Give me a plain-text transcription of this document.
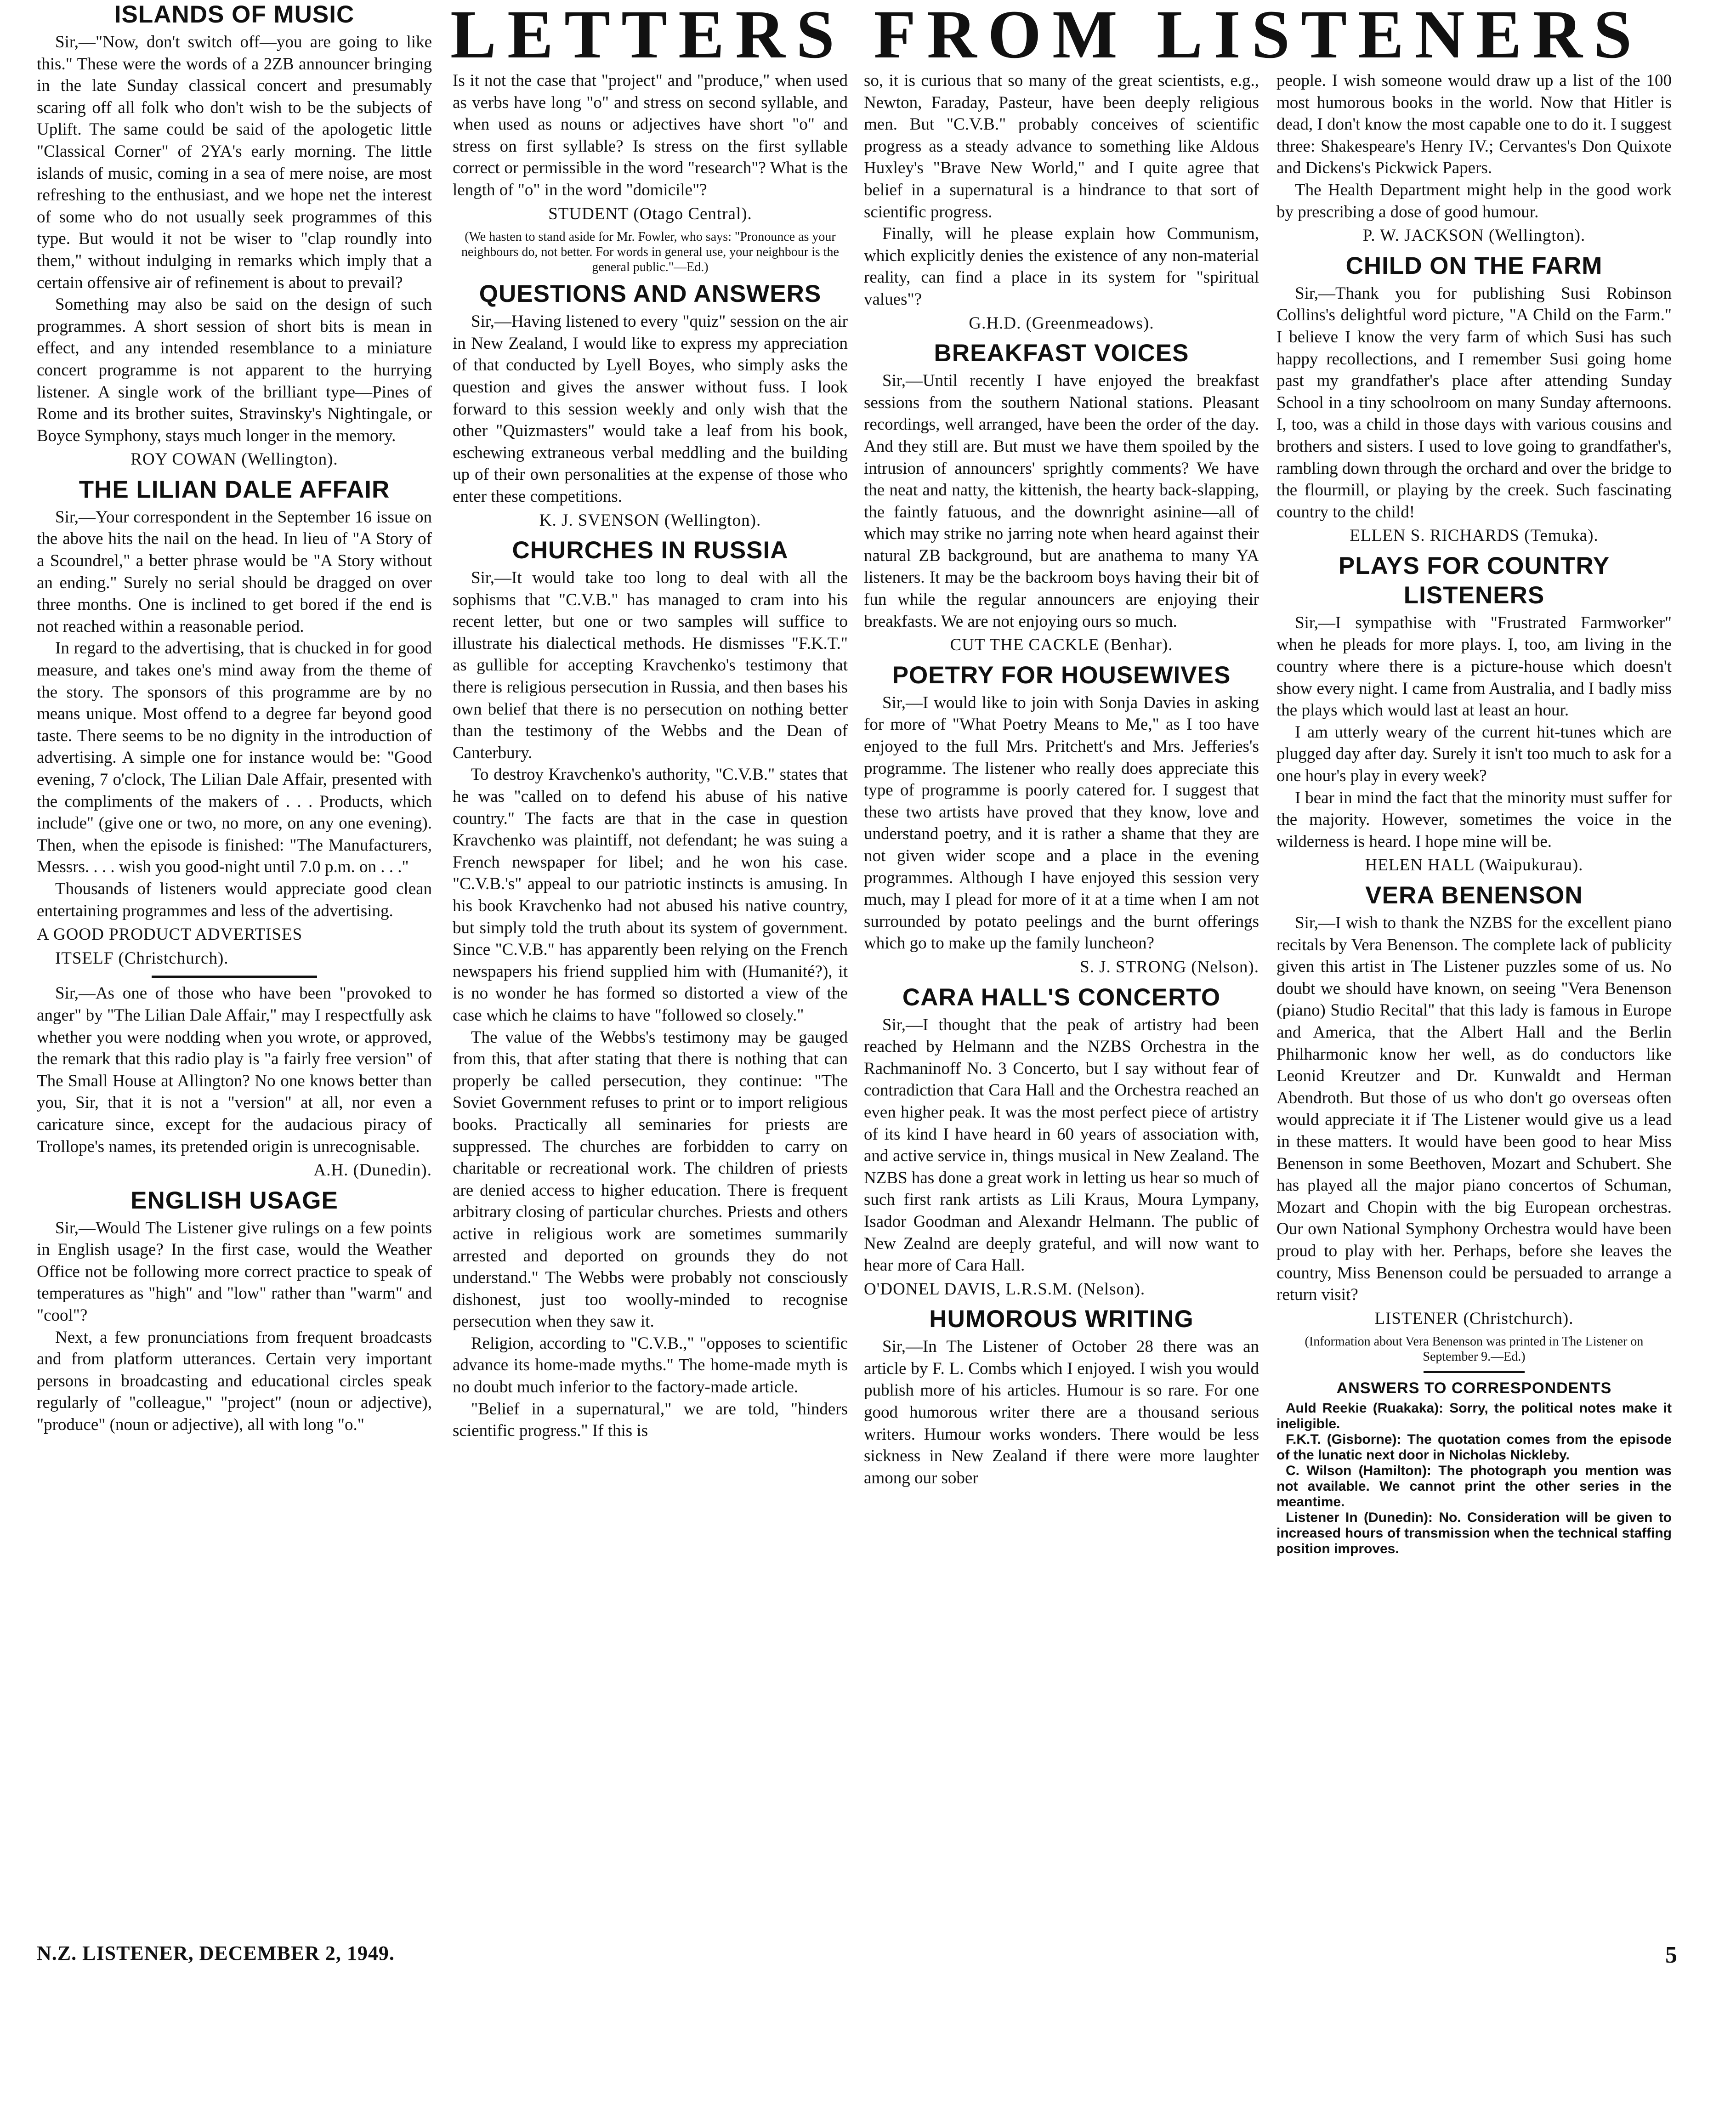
LETTERS FROM LISTENERS
ISLANDS OF MUSIC

Sir,—"Now, don't switch off—you are going to like this." These were the words of a 2ZB announcer bringing in the late Sunday classical concert and presumably scaring off all folk who don't wish to be the subjects of Uplift. The same could be said of the apologetic little "Classical Corner" of 2YA's early morning. The little islands of music, coming in a sea of mere noise, are most refreshing to the enthusiast, and we hope net the interest of some who do not usually seek programmes of this type. But would it not be wiser to "clap roundly into them," without indulging in remarks which imply that a certain offensive air of refinement is about to prevail?

Something may also be said on the design of such programmes. A short session of short bits is mean in effect, and any intended resemblance to a miniature concert programme is not apparent to the hurrying listener. A single work of the brilliant type—Pines of Rome and its brother suites, Stravinsky's Nightingale, or Boyce Symphony, stays much longer in the memory.

ROY COWAN (Wellington).

THE LILIAN DALE AFFAIR

Sir,—Your correspondent in the September 16 issue on the above hits the nail on the head. In lieu of "A Story of a Scoundrel," a better phrase would be "A Story without an ending." Surely no serial should be dragged on over three months. One is inclined to get bored if the end is not reached within a reasonable period.

In regard to the advertising, that is chucked in for good measure, and takes one's mind away from the theme of the story. The sponsors of this programme are by no means unique. Most offend to a degree far beyond good taste. There seems to be no dignity in the introduction of advertising. A simple one for instance would be: "Good evening, 7 o'clock, The Lilian Dale Affair, presented with the compliments of the makers of . . . Products, which include" (give one or two, no more, on any one evening). Then, when the episode is finished: "The Manufacturers, Messrs. . . . wish you good-night until 7.0 p.m. on . . ."

Thousands of listeners would appreciate good clean entertaining programmes and less of the advertising.

A GOOD PRODUCT ADVERTISES

ITSELF (Christchurch).

Sir,—As one of those who have been "provoked to anger" by "The Lilian Dale Affair," may I respectfully ask whether you were nodding when you wrote, or approved, the remark that this radio play is "a fairly free version" of The Small House at Allington? No one knows better than you, Sir, that it is not a "version" at all, nor even a caricature since, except for the audacious piracy of Trollope's names, its pretended origin is unrecognisable.

A.H. (Dunedin).

ENGLISH USAGE

Sir,—Would The Listener give rulings on a few points in English usage? In the first case, would the Weather Office not be following more correct practice to speak of temperatures as "high" and "low" rather than "warm" and "cool"?

Next, a few pronunciations from frequent broadcasts and from platform utterances. Certain very important persons in broadcasting and educational circles speak regularly of "colleague," "project" (noun or adjective), "produce" (noun or adjective), all with long "o."

Is it not the case that "project" and "produce," when used as verbs have long "o" and stress on second syllable, and when used as nouns or adjectives have short "o" and stress on first syllable? Is stress on the first syllable correct or permissible in the word "research"? What is the length of "o" in the word "domicile"?

STUDENT (Otago Central).

(We hasten to stand aside for Mr. Fowler, who says: "Pronounce as your neighbours do, not better. For words in general use, your neighbour is the general public."—Ed.)

QUESTIONS AND ANSWERS

Sir,—Having listened to every "quiz" session on the air in New Zealand, I would like to express my appreciation of that conducted by Lyell Boyes, who simply asks the question and gives the answer without fuss. I look forward to this session weekly and only wish that the other "Quizmasters" would take a leaf from his book, eschewing extraneous verbal meddling and the building up of their own personalities at the expense of those who enter these competitions.

K. J. SVENSON (Wellington).

CHURCHES IN RUSSIA

Sir,—It would take too long to deal with all the sophisms that "C.V.B." has managed to cram into his recent letter, but one or two samples will suffice to illustrate his dialectical methods. He dismisses "F.K.T." as gullible for accepting Kravchenko's testimony that there is religious persecution in Russia, and then bases his own belief that there is no persecution on nothing better than the testimony of the Webbs and the Dean of Canterbury.

To destroy Kravchenko's authority, "C.V.B." states that he was "called on to defend his abuse of his native country." The facts are that in the case in question Kravchenko was plaintiff, not defendant; he was suing a French newspaper for libel; and he won his case. "C.V.B.'s" appeal to our patriotic instincts is amusing. In his book Kravchenko had not abused his native country, but simply told the truth about its system of government. Since "C.V.B." has apparently been relying on the French newspapers his friend supplied him with (Humanité?), it is no wonder he has formed so distorted a view of the case which he claims to have "followed so closely."

The value of the Webbs's testimony may be gauged from this, that after stating that there is nothing that can properly be called persecution, they continue: "The Soviet Government refuses to print or to import religious books. Practically all seminaries for priests are suppressed. The churches are forbidden to carry on charitable or recreational work. The children of priests are denied access to higher education. There is frequent arbitrary closing of particular churches. Priests and others active in religious work are sometimes summarily arrested and deported on grounds they do not understand." The Webbs were probably not consciously dishonest, just too woolly-minded to recognise persecution when they saw it.

Religion, according to "C.V.B.," "opposes to scientific advance its home-made myths." The home-made myth is no doubt much inferior to the factory-made article.

"Belief in a supernatural," we are told, "hinders scientific progress." If this is

so, it is curious that so many of the great scientists, e.g., Newton, Faraday, Pasteur, have been deeply religious men. But "C.V.B." probably conceives of scientific progress as a steady advance to something like Aldous Huxley's "Brave New World," and I quite agree that belief in a supernatural is a hindrance to that sort of scientific progress.

Finally, will he please explain how Communism, which explicitly denies the existence of any non-material reality, can find a place in its system for "spiritual values"?

G.H.D. (Greenmeadows).

BREAKFAST VOICES

Sir,—Until recently I have enjoyed the breakfast sessions from the southern National stations. Pleasant recordings, well arranged, have been the order of the day. And they still are. But must we have them spoiled by the intrusion of announcers' sprightly comments? We have the neat and natty, the kittenish, the hearty back-slapping, the faintly fatuous, and the downright asinine—all of which may strike no jarring note when heard against their natural ZB background, but are anathema to many YA listeners. It may be the backroom boys having their bit of fun while the regular announcers are enjoying their breakfasts. We are not enjoying ours so much.

CUT THE CACKLE (Benhar).

POETRY FOR HOUSEWIVES

Sir,—I would like to join with Sonja Davies in asking for more of "What Poetry Means to Me," as I too have enjoyed to the full Mrs. Pritchett's and Mrs. Jefferies's programme. The listener who really does appreciate this type of programme is poorly catered for. I suggest that these two artists have proved that they know, love and understand poetry, and it is rather a shame that they are not given wider scope and a place in the evening programmes. Although I have enjoyed this session very much, may I plead for more of it at a time when I am not surrounded by potato peelings and the burnt offerings which go to make up the family luncheon?

S. J. STRONG (Nelson).

CARA HALL'S CONCERTO

Sir,—I thought that the peak of artistry had been reached by Helmann and the NZBS Orchestra in the Rachmaninoff No. 3 Concerto, but I say without fear of contradiction that Cara Hall and the Orchestra reached an even higher peak. It was the most perfect piece of artistry of its kind I have heard in 60 years of association with, and active service in, things musical in New Zealand. The NZBS has done a great work in letting us hear so much of such first rank artists as Lili Kraus, Moura Lympany, Isador Goodman and Alexandr Helmann. The public of New Zealnd are deeply grateful, and will now want to hear more of Cara Hall.

O'DONEL DAVIS, L.R.S.M. (Nelson).

HUMOROUS WRITING

Sir,—In The Listener of October 28 there was an article by F. L. Combs which I enjoyed. I wish you would publish more of his articles. Humour is so rare. For one good humorous writer there are a thousand serious writers. Humour works wonders. There would be less sickness in New Zealand if there were more laughter among our sober

people. I wish someone would draw up a list of the 100 most humorous books in the world. Now that Hitler is dead, I don't know the most capable one to do it. I suggest three: Shakespeare's Henry IV.; Cervantes's Don Quixote and Dickens's Pickwick Papers.

The Health Department might help in the good work by prescribing a dose of good humour.

P. W. JACKSON (Wellington).

CHILD ON THE FARM

Sir,—Thank you for publishing Susi Robinson Collins's delightful word picture, "A Child on the Farm." I believe I know the very farm of which Susi has such happy recollections, and I remember Susi going home past my grandfather's place after attending Sunday School in a tiny schoolroom on many Sunday afternoons. I, too, was a child in those days with various cousins and brothers and sisters. I used to love going to grandfather's, rambling down through the orchard and over the bridge to the flourmill, or playing by the creek. Such fascinating country to the child!

ELLEN S. RICHARDS (Temuka).

PLAYS FOR COUNTRY LISTENERS

Sir,—I sympathise with "Frustrated Farmworker" when he pleads for more plays. I, too, am living in the country where there is a picture-house which doesn't show every night. I came from Australia, and I badly miss the plays which would last at least an hour.

I am utterly weary of the current hit-tunes which are plugged day after day. Surely it isn't too much to ask for a one hour's play in every week?

I bear in mind the fact that the minority must suffer for the majority. However, sometimes the voice in the wilderness is heard. I hope mine will be.

HELEN HALL (Waipukurau).

VERA BENENSON

Sir,—I wish to thank the NZBS for the excellent piano recitals by Vera Benenson. The complete lack of publicity given this artist in The Listener puzzles some of us. No doubt we should have known, on seeing "Vera Benenson (piano) Studio Recital" that this lady is famous in Europe and America, that the Albert Hall and the Berlin Philharmonic know her well, as do conductors like Leonid Kreutzer and Dr. Kunwaldt and Herman Abendroth. But those of us who don't go overseas often would appreciate it if The Listener would give us a lead in these matters. It would have been good to hear Miss Benenson in some Beethoven, Mozart and Schubert. She has played all the major piano concertos of Schuman, Mozart and Chopin with the big European orchestras. Our own National Symphony Orchestra would have been proud to play with her. Perhaps, before she leaves the country, Miss Benenson could be persuaded to arrange a return visit?

LISTENER (Christchurch).

(Information about Vera Benenson was printed in The Listener on September 9.—Ed.)

ANSWERS TO CORRESPONDENTS

Auld Reekie (Ruakaka): Sorry, the political notes make it ineligible.

F.K.T. (Gisborne): The quotation comes from the episode of the lunatic next door in Nicholas Nickleby.

C. Wilson (Hamilton): The photograph you mention was not available. We cannot print the other series in the meantime.

Listener In (Dunedin): No. Consideration will be given to increased hours of transmission when the technical staffing position improves.

N.Z. LISTENER, DECEMBER 2, 1949.	5
